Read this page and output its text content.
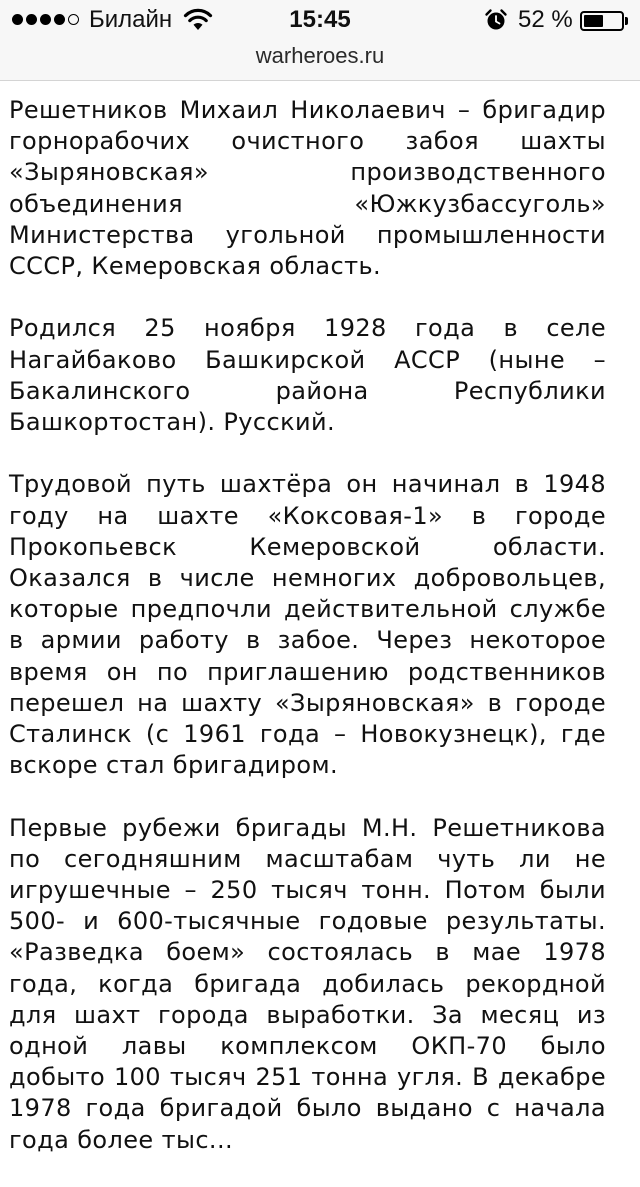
Билайн	15:45	52 %
warheroes.ru

Решетников Михаил Николаевич – бригадир горнорабочих очистного забоя шахты «Зыряновская» производственного объединения «Южкузбассуголь» Министерства угольной промышленности СССР, Кемеровская область.

Родился 25 ноября 1928 года в селе Нагайбаково Башкирской АССР (ныне – Бакалинского района Республики Башкортостан). Русский.

Трудовой путь шахтёра он начинал в 1948 году на шахте «Коксовая-1» в городе Прокопьевск Кемеровской области. Оказался в числе немногих добровольцев, которые предпочли действительной службе в армии работу в забое. Через некоторое время он по приглашению родственников перешел на шахту «Зыряновская» в городе Сталинск (с 1961 года – Новокузнецк), где вскоре стал бригадиром.

Первые рубежи бригады М.Н. Решетникова по сегодняшним масштабам чуть ли не игрушечные – 250 тысяч тонн. Потом были 500- и 600-тысячные годовые результаты. «Разведка боем» состоялась в мае 1978 года, когда бригада добилась рекордной для шахт города выработки. За месяц из одной лавы комплексом ОКП-70 было добыто 100 тысяч 251 тонна угля. В декабре 1978 года бригадой было выдано с начала года более тыс...
